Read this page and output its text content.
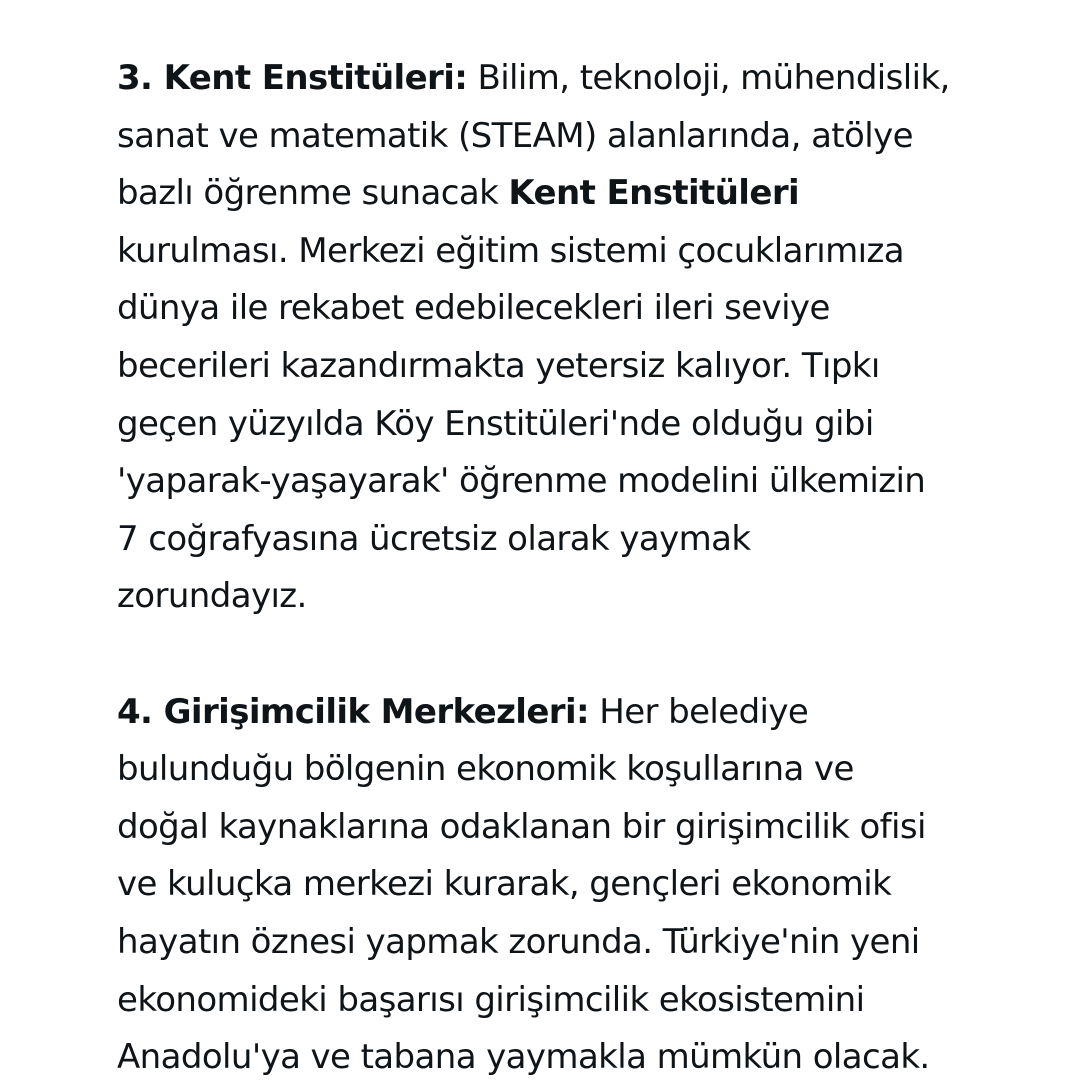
3. Kent Enstitüleri: Bilim, teknoloji, mühendislik,
sanat ve matematik (STEAM) alanlarında, atölye
bazlı öğrenme sunacak Kent Enstitüleri
kurulması. Merkezi eğitim sistemi çocuklarımıza
dünya ile rekabet edebilecekleri ileri seviye
becerileri kazandırmakta yetersiz kalıyor. Tıpkı
geçen yüzyılda Köy Enstitüleri'nde olduğu gibi
'yaparak-yaşayarak' öğrenme modelini ülkemizin
7 coğrafyasına ücretsiz olarak yaymak
zorundayız.
4. Girişimcilik Merkezleri: Her belediye
bulunduğu bölgenin ekonomik koşullarına ve
doğal kaynaklarına odaklanan bir girişimcilik ofisi
ve kuluçka merkezi kurarak, gençleri ekonomik
hayatın öznesi yapmak zorunda. Türkiye'nin yeni
ekonomideki başarısı girişimcilik ekosistemini
Anadolu'ya ve tabana yaymakla mümkün olacak.
